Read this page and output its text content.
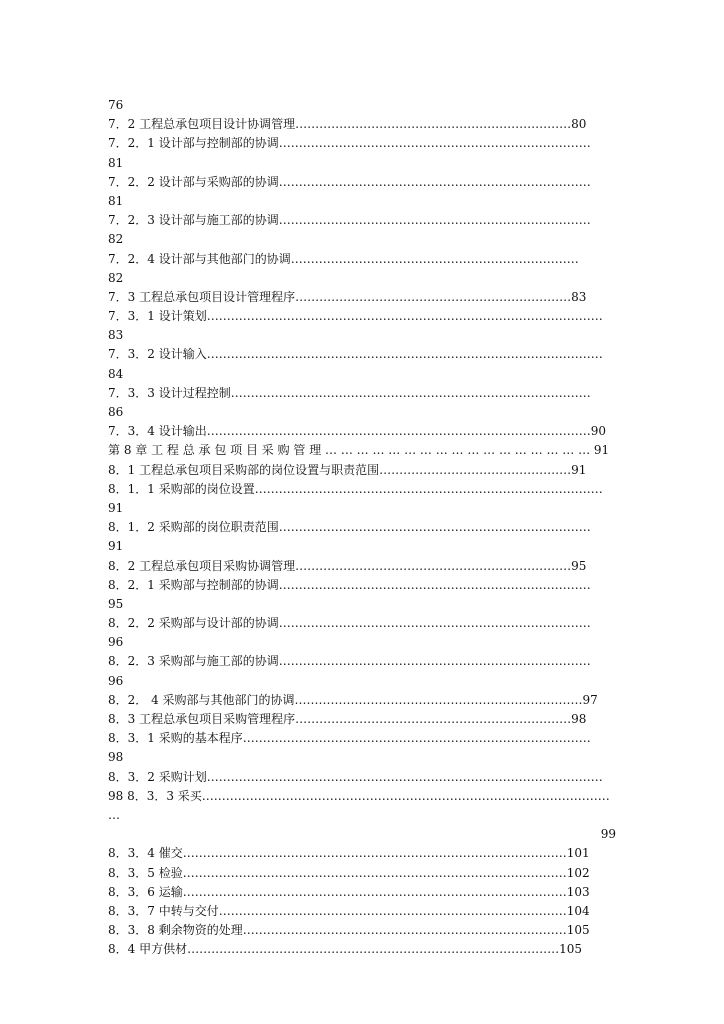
76
7．2 工程总承包项目设计协调管理……………………………………………………………80
7．2．1 设计部与控制部的协调……………………………………………………………………
81
7．2．2 设计部与采购部的协调……………………………………………………………………
81
7．2．3 设计部与施工部的协调……………………………………………………………………
82
7．2．4 设计部与其他部门的协调………………………………………………………………
82
7．3 工程总承包项目设计管理程序……………………………………………………………83
7．3．1 设计策划………………………………………………………………………………………
83
7．3．2 设计输入………………………………………………………………………………………
84
7．3．3 设计过程控制………………………………………………………………………………
86
7．3．4 设计输出……………………………………………………………………………………90
第 8 章 工 程 总 承 包 项 目 采 购 管 理 … … … … … … … … … … … … … … … … … 91
8．1 工程总承包项目采购部的岗位设置与职责范围…………………………………………91
8．1．1 采购部的岗位设置……………………………………………………………………………
91
8．1．2 采购部的岗位职责范围……………………………………………………………………
91
8．2 工程总承包项目采购协调管理……………………………………………………………95
8．2．1 采购部与控制部的协调……………………………………………………………………
95
8．2．2 采购部与设计部的协调……………………………………………………………………
96
8．2．3 采购部与施工部的协调……………………………………………………………………
96
8．2． 4 采购部与其他部门的协调………………………………………………………………97
8．3 工程总承包项目采购管理程序……………………………………………………………98
8．3．1 采购的基本程序……………………………………………………………………………
98
8．3．2 采购计划………………………………………………………………………………………
98 8．3．3 采买…………………………………………………………………………………………
…
99
8．3．4 催交……………………………………………………………………………………101
8．3．5 检验……………………………………………………………………………………102
8．3．6 运输……………………………………………………………………………………103
8．3．7 中转与交付……………………………………………………………………………104
8．3．8 剩余物资的处理………………………………………………………………………105
8．4 甲方供材…………………………………………………………………………………105
